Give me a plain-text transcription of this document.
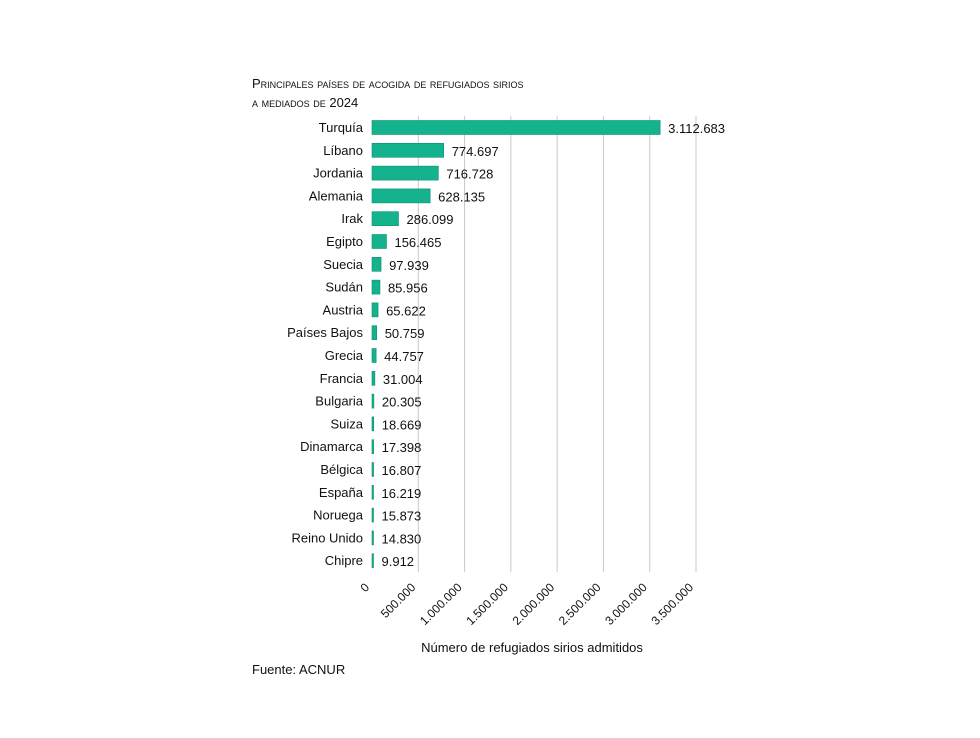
Principales países de acogida de refugiados sirios
a mediados de 2024
Turquía
Líbano
Jordania
Alemania
Irak
Egipto
Suecia
Sudán
Austria
Países Bajos
Grecia
Francia
Bulgaria
Suiza
Dinamarca
Bélgica
España
Noruega
Reino Unido
Chipre
3.112.683
774.697
716.728
628.135
286.099
156.465
97.939
85.956
65.622
50.759
44.757
31.004
20.305
18.669
17.398
16.807
16.219
15.873
14.830
9.912
0 500.000
1.000.000
1.500.000
2.000.000
2.500.000
3.000.000
3.500.000
Número de refugiados sirios admitidos
Fuente: ACNUR
